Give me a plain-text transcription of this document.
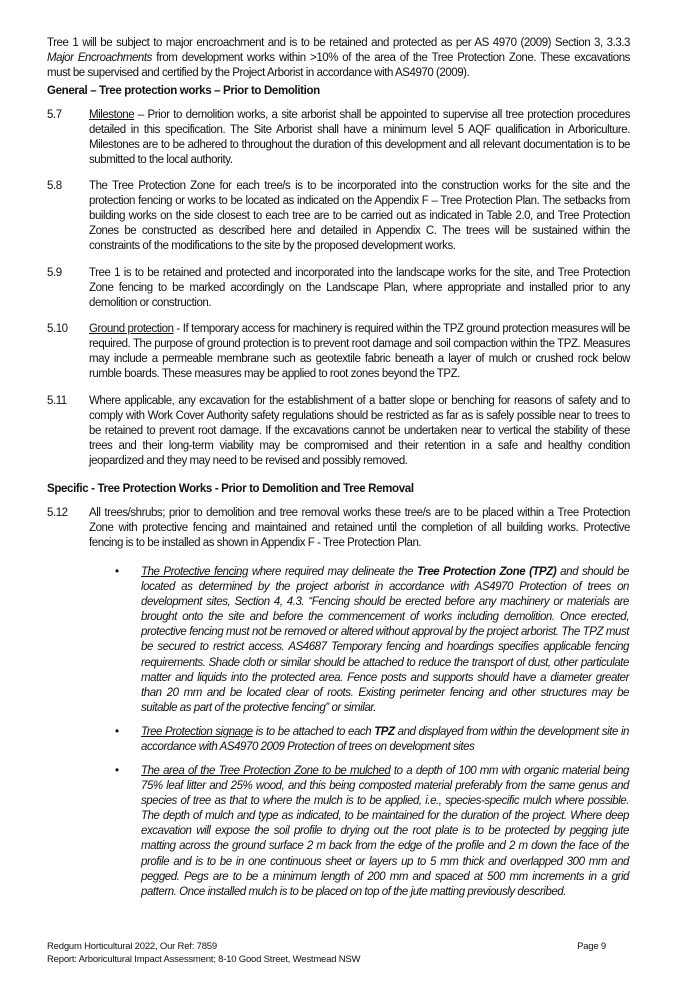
Tree 1 will be subject to major encroachment and is to be retained and protected as per AS 4970 (2009) Section 3, 3.3.3 Major Encroachments from development works within >10% of the area of the Tree Protection Zone. These excavations must be supervised and certified by the Project Arborist in accordance with AS4970 (2009).

General – Tree protection works – Prior to Demolition
5.7	Milestone – Prior to demolition works, a site arborist shall be appointed to supervise all tree protection procedures detailed in this specification. The Site Arborist shall have a minimum level 5 AQF qualification in Arboriculture. Milestones are to be adhered to throughout the duration of this development and all relevant documentation is to be submitted to the local authority.

5.8	The Tree Protection Zone for each tree/s is to be incorporated into the construction works for the site and the protection fencing or works to be located as indicated on the Appendix F – Tree Protection Plan. The setbacks from building works on the side closest to each tree are to be carried out as indicated in Table 2.0, and Tree Protection Zones be constructed as described here and detailed in Appendix C. The trees will be sustained within the constraints of the modifications to the site by the proposed development works.

5.9	Tree 1 is to be retained and protected and incorporated into the landscape works for the site, and Tree Protection Zone fencing to be marked accordingly on the Landscape Plan, where appropriate and installed prior to any demolition or construction.

5.10	Ground protection - If temporary access for machinery is required within the TPZ ground protection measures will be required. The purpose of ground protection is to prevent root damage and soil compaction within the TPZ. Measures may include a permeable membrane such as geotextile fabric beneath a layer of mulch or crushed rock below rumble boards. These measures may be applied to root zones beyond the TPZ.

5.11	Where applicable, any excavation for the establishment of a batter slope or benching for reasons of safety and to comply with Work Cover Authority safety regulations should be restricted as far as is safely possible near to trees to be retained to prevent root damage. If the excavations cannot be undertaken near to vertical the stability of these trees and their long-term viability may be compromised and their retention in a safe and healthy condition jeopardized and they may need to be revised and possibly removed.

Specific - Tree Protection Works - Prior to Demolition and Tree Removal
5.12	All trees/shrubs; prior to demolition and tree removal works these tree/s are to be placed within a Tree Protection Zone with protective fencing and maintained and retained until the completion of all building works. Protective fencing is to be installed as shown in Appendix F - Tree Protection Plan.

• The Protective fencing where required may delineate the Tree Protection Zone (TPZ) and should be located as determined by the project arborist in accordance with AS4970 Protection of trees on development sites, Section 4, 4.3. “Fencing should be erected before any machinery or materials are brought onto the site and before the commencement of works including demolition. Once erected, protective fencing must not be removed or altered without approval by the project arborist. The TPZ must be secured to restrict access. AS4687 Temporary fencing and hoardings specifies applicable fencing requirements. Shade cloth or similar should be attached to reduce the transport of dust, other particulate matter and liquids into the protected area. Fence posts and supports should have a diameter greater than 20 mm and be located clear of roots. Existing perimeter fencing and other structures may be suitable as part of the protective fencing” or similar.

• Tree Protection signage is to be attached to each TPZ and displayed from within the development site in accordance with AS4970 2009 Protection of trees on development sites

• The area of the Tree Protection Zone to be mulched to a depth of 100 mm with organic material being 75% leaf litter and 25% wood, and this being composted material preferably from the same genus and species of tree as that to where the mulch is to be applied, i.e., species-specific mulch where possible. The depth of mulch and type as indicated, to be maintained for the duration of the project. Where deep excavation will expose the soil profile to drying out the root plate is to be protected by pegging jute matting across the ground surface 2 m back from the edge of the profile and 2 m down the face of the profile and is to be in one continuous sheet or layers up to 5 mm thick and overlapped 300 mm and pegged. Pegs are to be a minimum length of 200 mm and spaced at 500 mm increments in a grid pattern. Once installed mulch is to be placed on top of the jute matting previously described.

Redgum Horticultural 2022, Our Ref: 7859
Report: Arboricultural Impact Assessment; 8-10 Good Street, Westmead NSW
Page 9
